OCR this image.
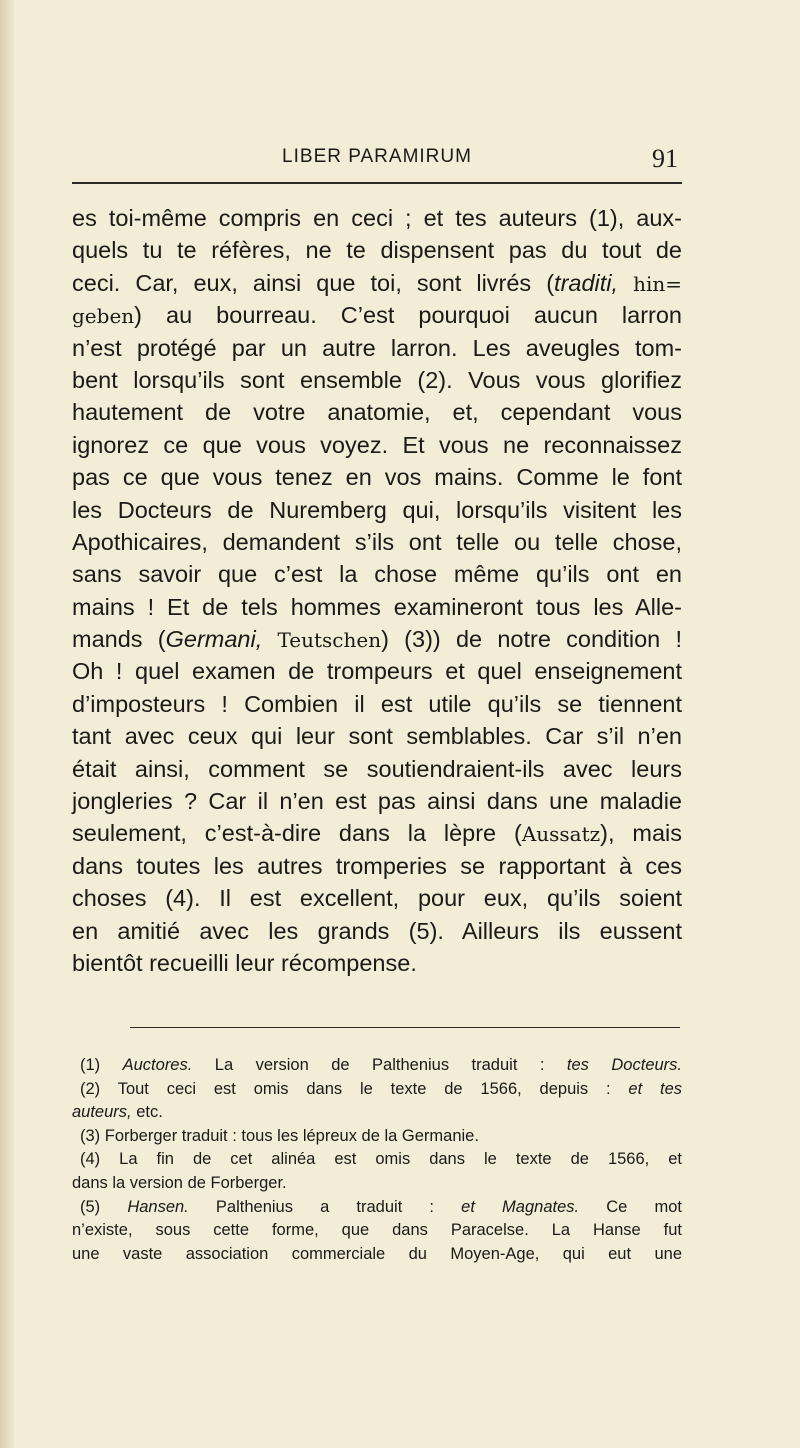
LIBER PARAMIRUM	91
es toi-même compris en ceci ; et tes auteurs (1), aux-
quels tu te réfères, ne te dispensent pas du tout de
ceci. Car, eux, ainsi que toi, sont livrés (traditi, hin=
geben) au bourreau. C’est pourquoi aucun larron
n’est protégé par un autre larron. Les aveugles tom-
bent lorsqu’ils sont ensemble (2). Vous vous glorifiez
hautement de votre anatomie, et, cependant vous
ignorez ce que vous voyez. Et vous ne reconnaissez
pas ce que vous tenez en vos mains. Comme le font
les Docteurs de Nuremberg qui, lorsqu’ils visitent les
Apothicaires, demandent s’ils ont telle ou telle chose,
sans savoir que c’est la chose même qu’ils ont en
mains ! Et de tels hommes examineront tous les Alle-
mands (Germani, Teutschen) (3)) de notre condition !
Oh ! quel examen de trompeurs et quel enseignement
d’imposteurs ! Combien il est utile qu’ils se tiennent
tant avec ceux qui leur sont semblables. Car s’il n’en
était ainsi, comment se soutiendraient-ils avec leurs
jongleries ? Car il n’en est pas ainsi dans une maladie
seulement, c’est-à-dire dans la lèpre (Aussatz), mais
dans toutes les autres tromperies se rapportant à ces
choses (4). Il est excellent, pour eux, qu’ils soient
en amitié avec les grands (5). Ailleurs ils eussent
bientôt recueilli leur récompense.
(1) Auctores. La version de Palthenius traduit : tes Docteurs.
(2) Tout ceci est omis dans le texte de 1566, depuis : et tes
auteurs, etc.
(3) Forberger traduit : tous les lépreux de la Germanie.
(4) La fin de cet alinéa est omis dans le texte de 1566, et
dans la version de Forberger.
(5) Hansen. Palthenius a traduit : et Magnates. Ce mot
n’existe, sous cette forme, que dans Paracelse. La Hanse fut
une vaste association commerciale du Moyen-Age, qui eut une
